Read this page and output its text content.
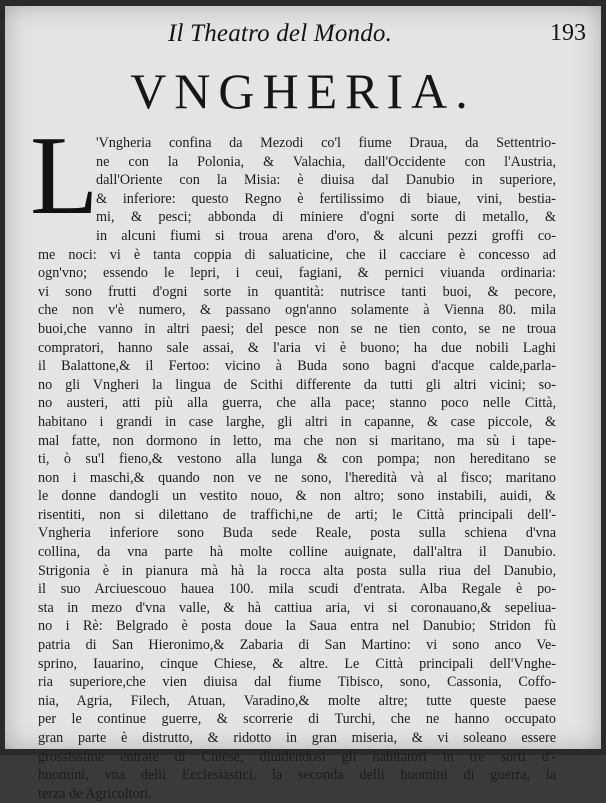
Il Theatro del Mondo.	193
VNGHERIA.
L
'Vngheria confina da Mezodi co'l fiume Draua, da Settentrio-
ne con la Polonia, & Valachia, dall'Occidente con l'Austria,
dall'Oriente con la Misia: è diuisa dal Danubio in superiore,
& inferiore: questo Regno è fertilissimo di biaue, vini, bestia-
mi, & pesci; abbonda di miniere d'ogni sorte di metallo, &
in alcuni fiumi si troua arena d'oro, & alcuni pezzi groffi co-
me noci: vi è tanta coppia di saluaticine, che il cacciare è concesso ad
ogn'vno; essendo le lepri, i ceui, fagiani, & pernici viuanda ordinaria:
vi sono frutti d'ogni sorte in quantità: nutrisce tanti buoi, & pecore,
che non v'è numero, & passano ogn'anno solamente à Vienna 80. mila
buoi,che vanno in altri paesi; del pesce non se ne tien conto, se ne troua
compratori, hanno sale assai, & l'aria vi è buono; ha due nobili Laghi
il Balattone,& il Fertoo: vicino à Buda sono bagni d'acque calde,parla-
no gli Vngheri la lingua de Scithi differente da tutti gli altri vicini; so-
no austeri, atti più alla guerra, che alla pace; stanno poco nelle Città,
habitano i grandi in case larghe, gli altri in capanne, & case piccole, &
mal fatte, non dormono in letto, ma che non si maritano, ma sù i tape-
ti, ò su'l fieno,& vestono alla lunga & con pompa; non hereditano se
non i maschi,& quando non ve ne sono, l'heredità và al fisco; maritano
le donne dandogli un vestito nouo, & non altro; sono instabili, auidi, &
risentiti, non si dilettano de traffichi,ne de arti; le Città principali dell'-
Vngheria inferiore sono Buda sede Reale, posta sulla schiena d'vna
collina, da vna parte hà molte colline auignate, dall'altra il Danubio.
Strigonia è in pianura mà hà la rocca alta posta sulla riua del Danubio,
il suo Arciuescouo hauea 100. mila scudi d'entrata. Alba Regale è po-
sta in mezo d'vna valle, & hà cattiua aria, vi si coronauano,& sepeliua-
no i Rè: Belgrado è posta doue la Saua entra nel Danubio; Stridon fù
patria di San Hieronimo,& Zabaria di San Martino: vi sono anco Ve-
sprino, Iauarino, cinque Chiese, & altre. Le Città principali dell'Vnghe-
ria superiore,che vien diuisa dal fiume Tibisco, sono, Cassonia, Coffo-
nia, Agria, Filech, Atuan, Varadino,& molte altre; tutte queste paese
per le continue guerre, & scorrerie di Turchi, che ne hanno occupato
gran parte è distrutto, & ridotto in gran miseria, & vi soleano essere
grossissime entrate di Chiese, diuidendosi gli habitatori in tre sorti d'-
huomini, vna delli Ecclesiastici, la seconda delli huomini di guerra, la
terza de Agricoltori.
